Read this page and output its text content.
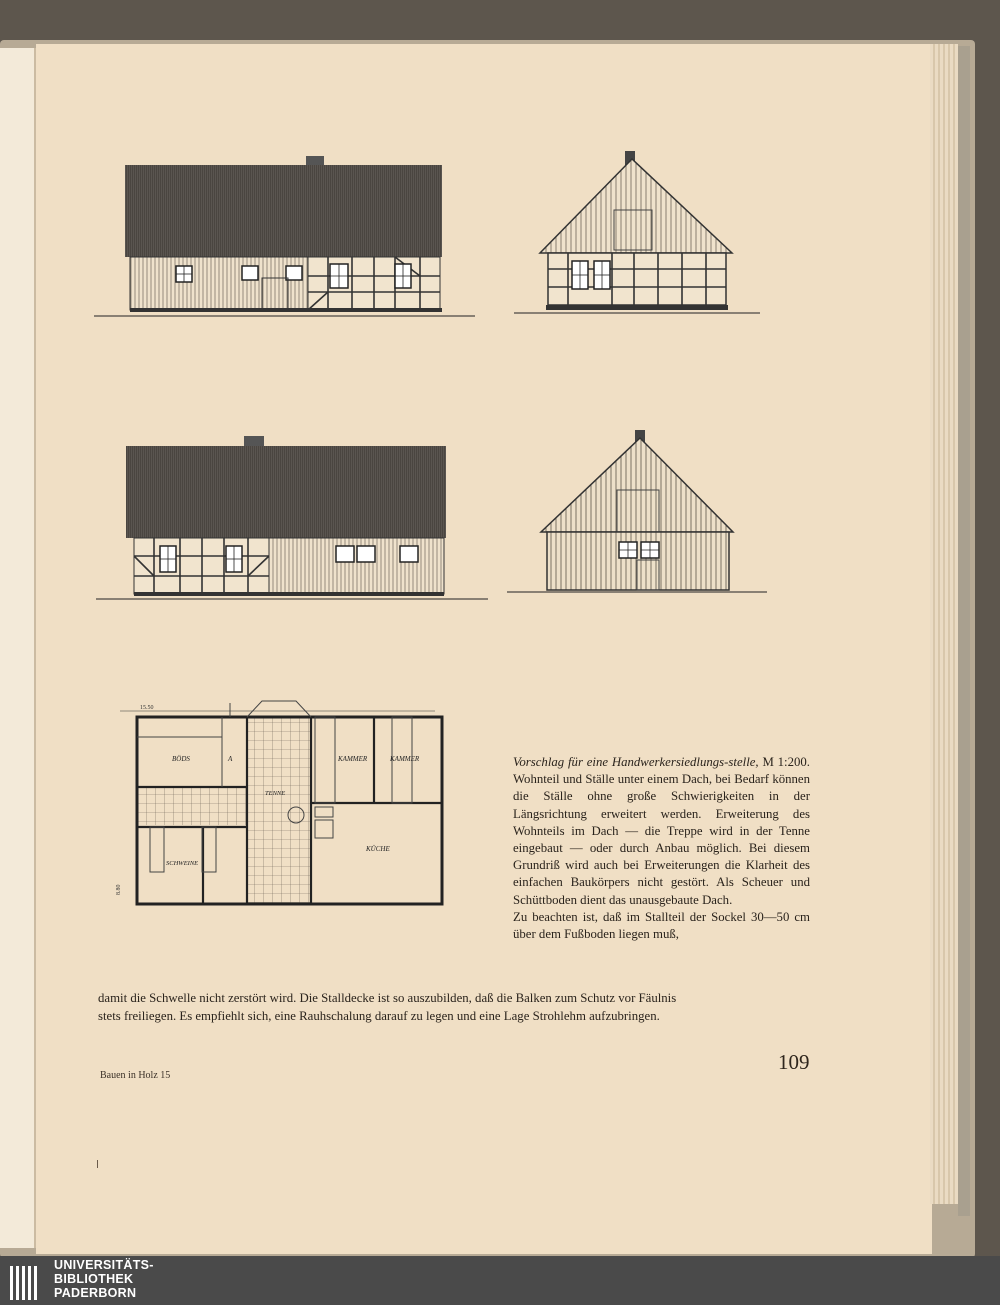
15.50
8.80
BÖDS	A
TENNE
KAMMER	KAMMER
SCHWEINE
KÜCHE

Vorschlag für eine Handwerkersiedlungs-stelle, M 1:200. Wohnteil und Ställe unter einem Dach, bei Bedarf können die Ställe ohne große Schwierigkeiten in der Längsrichtung erweitert werden. Erweiterung des Wohnteils im Dach — die Treppe wird in der Tenne eingebaut — oder durch Anbau möglich. Bei diesem Grundriß wird auch bei Erweiterungen die Klarheit des einfachen Baukörpers nicht gestört. Als Scheuer und Schüttboden dient das unausgebaute Dach.

Zu beachten ist, daß im Stallteil der Sockel 30—50 cm über dem Fußboden liegen muß,

damit die Schwelle nicht zerstört wird. Die Stalldecke ist so auszubilden, daß die Balken zum Schutz vor Fäulnis
stets freiliegen. Es empfiehlt sich, eine Rauhschalung darauf zu legen und eine Lage Strohlehm aufzubringen.
Bauen in Holz 15
109
UNIVERSITÄTS-
BIBLIOTHEK
PADERBORN
